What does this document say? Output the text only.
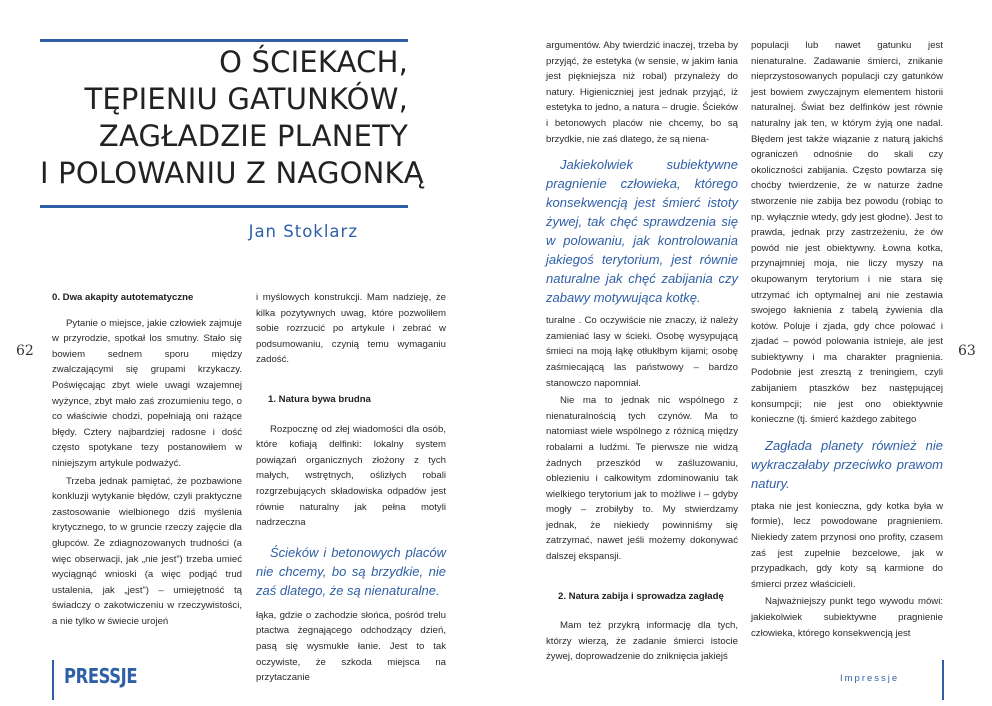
O ŚCIEKACH,
TĘPIENIU GATUNKÓW,
ZAGŁADZIE PLANETY
I POLOWANIU Z NAGONKĄ
Jan Stoklarz
62	63
0. Dwa akapity autotematyczne

Pytanie o miejsce, jakie człowiek zajmuje w przyrodzie, spotkał los smutny. Stało się bowiem sednem sporu między zwalczającymi się grupami krzykaczy. Poświęcając zbyt wiele uwagi wzajemnej wyżynce, zbyt mało zaś zrozumieniu tego, o co właściwie chodzi, popełniają oni rażące błędy. Cztery najbardziej radosne i dość często spotykane tezy postanowiłem w niniejszym artykule podważyć.

Trzeba jednak pamiętać, że pozbawione konkluzji wytykanie błędów, czyli praktyczne zastosowanie wielbionego dziś myślenia krytycznego, to w gruncie rzeczy zajęcie dla głupców. Ze zdiagnozowanych trudności (a więc obserwacji, jak „nie jest”) trzeba umieć wyciągnąć wnioski (a więc podjąć trud ustalenia, jak „jest”) – umiejętność tą świadczy o zakotwiczeniu w rzeczywistości, a nie tylko w świecie urojeń

i myślowych konstrukcji. Mam nadzieję, że kilka pozytywnych uwag, które pozwoliłem sobie rozrzucić po artykule i zebrać w podsumowaniu, czynią temu wymaganiu zadość.

1. Natura bywa brudna

Rozpocznę od złej wiadomości dla osób, które kofiają delfinki: lokalny system powiązań organicznych złożony z tych małych, wstrętnych, oślizłych robali rozgrzebujących składowiska odpadów jest równie naturalny jak pełna motyli nadrzeczna

Ścieków i betonowych placów nie chcemy, bo są brzydkie, nie zaś dlatego, że są nienaturalne.

łąka, gdzie o zachodzie słońca, pośród trelu ptactwa żegnającego odchodzący dzień, pasą się wysmukłe łanie. Jest to tak oczywiste, że szkoda miejsca na przytaczanie

argumentów. Aby twierdzić inaczej, trzeba by przyjąć, że estetyka (w sensie, w jakim łania jest piękniejsza niż robal) przynależy do natury. Higieniczniej jest jednak przyjąć, iż estetyka to jedno, a natura – drugie. Ścieków i betonowych placów nie chcemy, bo są brzydkie, nie zaś dlatego, że są niena-

Jakiekolwiek subiektywne pragnienie człowieka, którego konsekwencją jest śmierć istoty żywej, tak chęć sprawdzenia się w polowaniu, jak kontrolowania jakiegoś terytorium, jest równie naturalne jak chęć zabijania czy zabawy motywująca kotkę.

turalne . Co oczywiście nie znaczy, iż należy zamieniać lasy w ścieki. Osobę wysypującą śmieci na moją łąkę otłukłbym kijami; osobę zaśmiecającą las państwowy – bardzo stanowczo napomniał.

Nie ma to jednak nic wspólnego z nienaturalnością tych czynów. Ma to natomiast wiele wspólnego z różnicą między robalami a ludźmi. Te pierwsze nie widzą żadnych przeszkód w zaśluzowaniu, oblezieniu i całkowitym zdominowaniu tak wielkiego terytorium jak to możliwe i – gdyby mogły – zrobiłyby to. My stwierdzamy jednak, że niekiedy powinniśmy się zatrzymać, nawet jeśli możemy dokonywać dalszej ekspansji.

2. Natura zabija i sprowadza zagładę

Mam też przykrą informację dla tych, którzy wierzą, że zadanie śmierci istocie żywej, doprowadzenie do zniknięcia jakiejś

populacji lub nawet gatunku jest nienaturalne. Zadawanie śmierci, znikanie nieprzystosowanych populacji czy gatunków jest bowiem zwyczajnym elementem historii naturalnej. Świat bez delfinków jest równie naturalny jak ten, w którym żyją one nadal. Błędem jest także wiązanie z naturą jakichś ograniczeń odnośnie do skali czy okoliczności zabijania. Często powtarza się choćby twierdzenie, że w naturze żadne stworzenie nie zabija bez powodu (robiąc to np. wyłącznie wtedy, gdy jest głodne). Jest to prawda, jednak przy zastrzeżeniu, że ów powód nie jest obiektywny. Łowna kotka, przynajmniej moja, nie liczy myszy na okupowanym terytorium i nie stara się utrzymać ich optymalnej ani nie zestawia swojego łaknienia z tabelą żywienia dla kotów. Poluje i zjada, gdy chce polować i zjadać – powód polowania istnieje, ale jest subiektywny i ma charakter pragnienia. Podobnie jest zresztą z treningiem, czyli zabijaniem ptaszków bez następującej konsumpcji; nie jest ono obiektywnie konieczne (tj. śmierć każdego zabitego

Zagłada planety również nie wykraczałaby przeciwko prawom natury.

ptaka nie jest konieczna, gdy kotka była w formie), lecz powodowane pragnieniem. Niekiedy zatem przynosi ono profity, czasem zaś jest zupełnie bezcelowe, jak w przypadkach, gdy koty są karmione do śmierci przez właścicieli.

Najważniejszy punkt tego wywodu mówi: jakiekolwiek subiektywne pragnienie człowieka, którego konsekwencją jest

PRESSJE	Impressje
